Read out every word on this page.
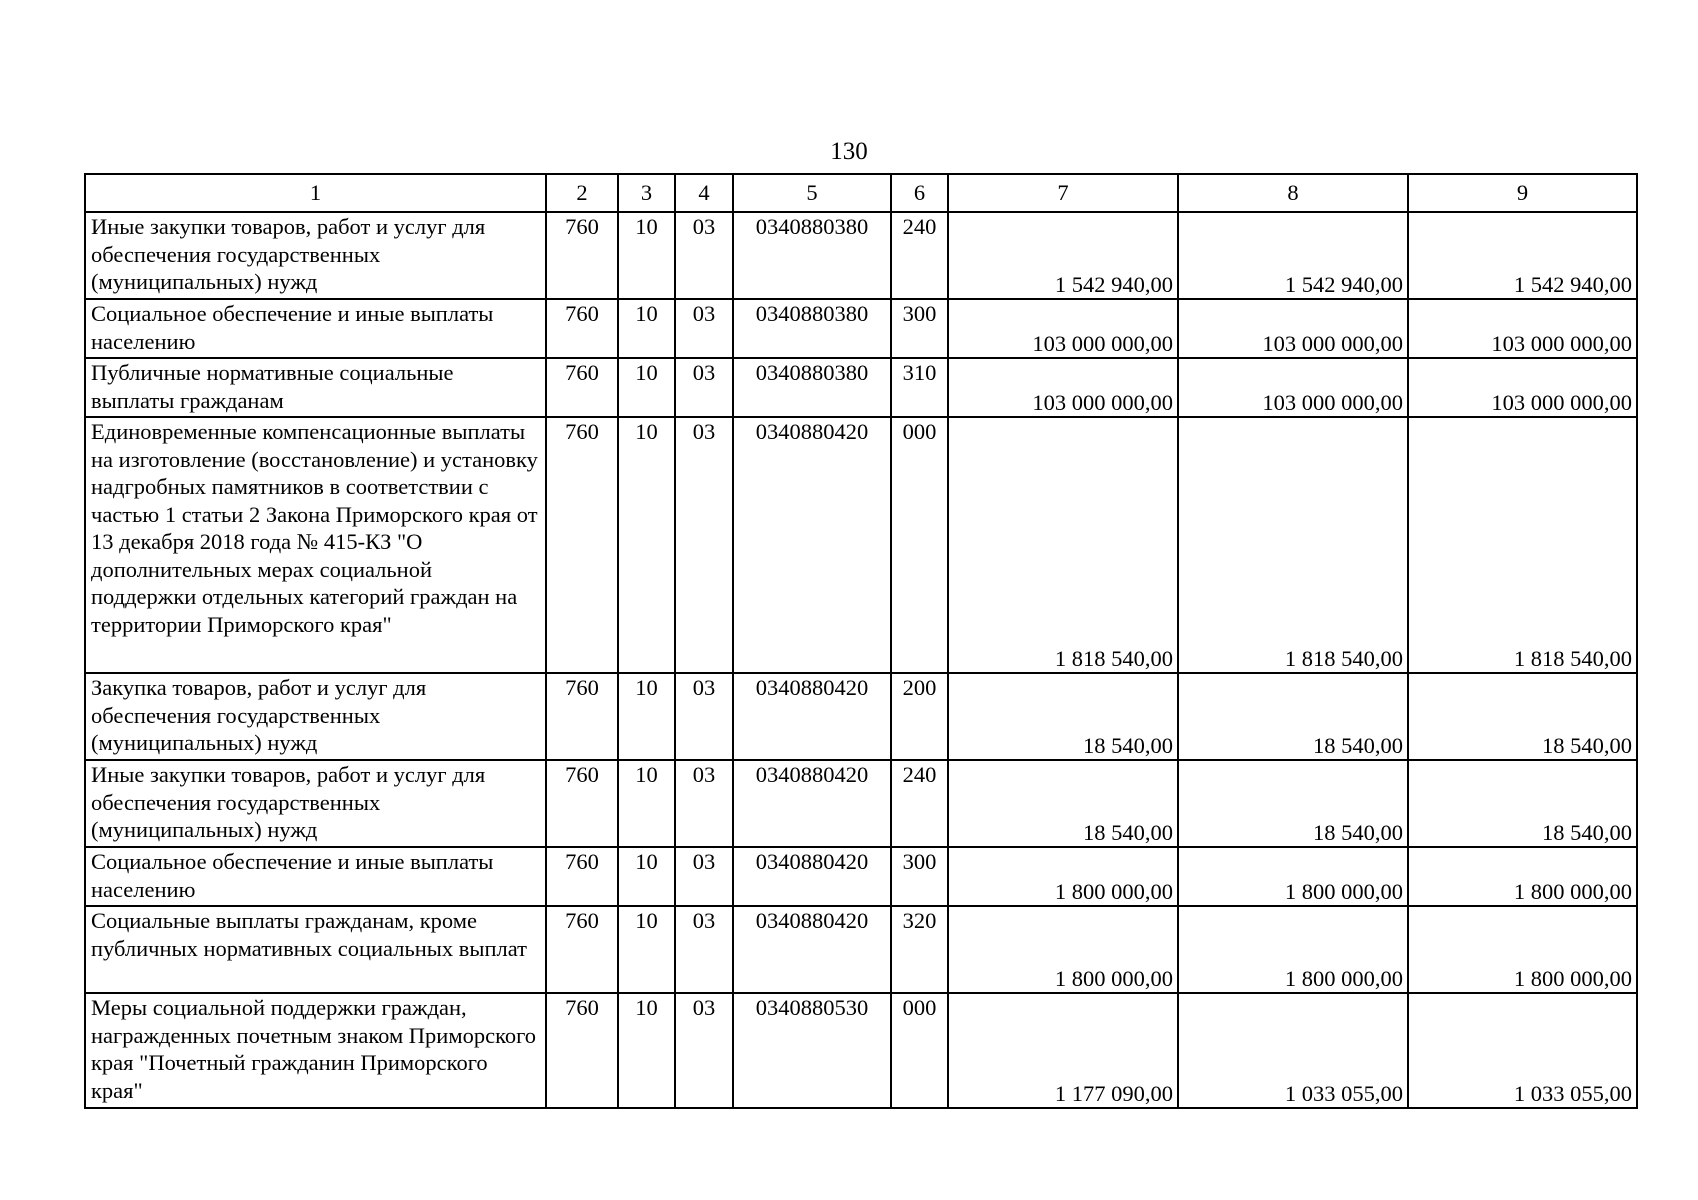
130
1	2	3	4	5	6	7	8	9
Иные закупки товаров, работ и услуг для обеспечения государственных (муниципальных) нужд	760	10	03	0340880380	240	1 542 940,00	1 542 940,00	1 542 940,00
Социальное обеспечение и иные выплаты населению	760	10	03	0340880380	300	103 000 000,00	103 000 000,00	103 000 000,00
Публичные нормативные социальные выплаты гражданам	760	10	03	0340880380	310	103 000 000,00	103 000 000,00	103 000 000,00
Единовременные компенсационные выплаты на изготовление (восстановление) и установку надгробных памятников в соответствии с частью 1 статьи 2 Закона Приморского края от 13 декабря 2018 года № 415-КЗ "О дополнительных мерах социальной поддержки отдельных категорий граждан на территории Приморского края"	760	10	03	0340880420	000	1 818 540,00	1 818 540,00	1 818 540,00
Закупка товаров, работ и услуг для обеспечения государственных (муниципальных) нужд	760	10	03	0340880420	200	18 540,00	18 540,00	18 540,00
Иные закупки товаров, работ и услуг для обеспечения государственных (муниципальных) нужд	760	10	03	0340880420	240	18 540,00	18 540,00	18 540,00
Социальное обеспечение и иные выплаты населению	760	10	03	0340880420	300	1 800 000,00	1 800 000,00	1 800 000,00
Социальные выплаты гражданам, кроме публичных нормативных социальных выплат	760	10	03	0340880420	320	1 800 000,00	1 800 000,00	1 800 000,00
Меры социальной поддержки граждан, награжденных почетным знаком Приморского края "Почетный гражданин Приморского края"	760	10	03	0340880530	000	1 177 090,00	1 033 055,00	1 033 055,00
